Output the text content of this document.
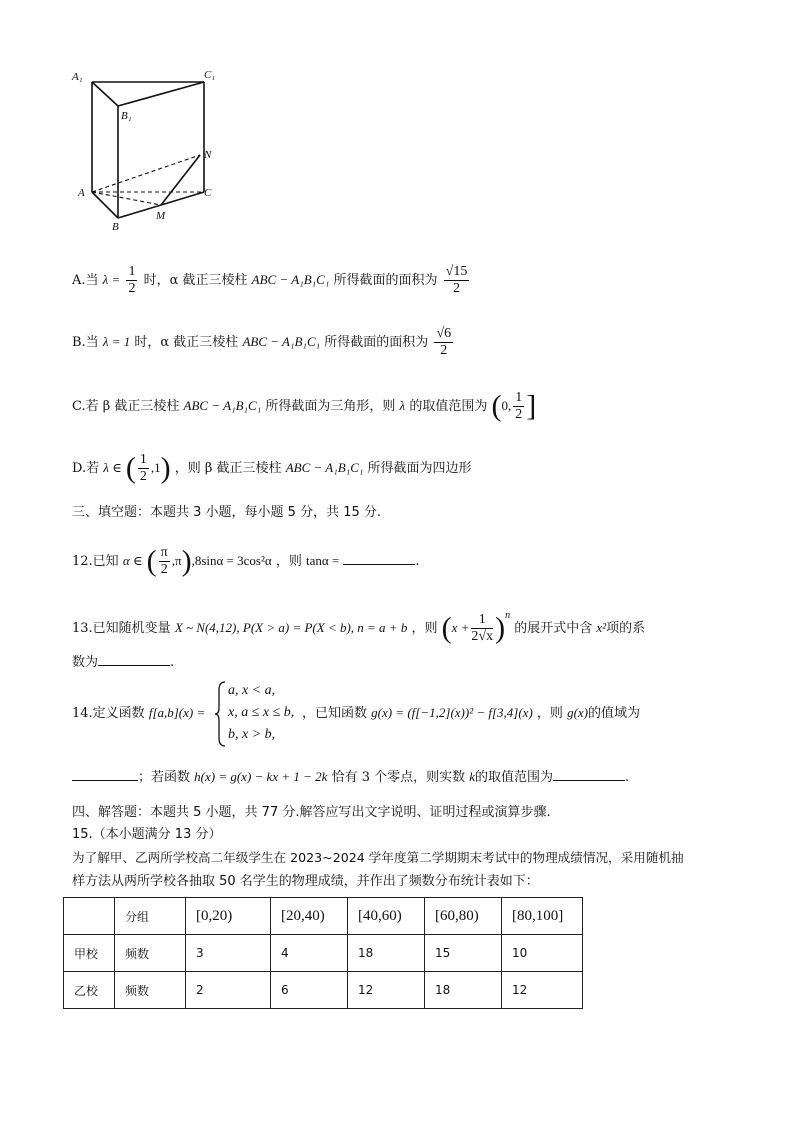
A₁	C₁
B₁
N
A	C
M
B
A.当 $\lambda = \frac{1}{2}$ 时，α 截正三棱柱 ABC − A₁B₁C₁ 所得截面的面积为 $\frac{√15}{2}$
B.当 λ = 1 时，α 截正三棱柱 ABC − A₁B₁C₁ 所得截面的面积为 $\frac{√6}{2}$
C.若 β 截正三棱柱 ABC − A₁B₁C₁ 所得截面为三角形，则 λ 的取值范围为 (0, $\frac{1}{2}$ ]
D.若 λ ∈ ( $\frac{1}{2} ,1$) ，则 β 截正三棱柱 ABC − A₁B₁C₁ 所得截面为四边形
三、填空题：本题共 3 小题，每小题 5 分，共 15 分.
12.已知 α ∈ ( $\frac{\pi}{2} ,\pi),8\sin\alpha = 3\cos^2\alpha$ ，则 tanα =	.
13.已知随机变量 X ~ N(4,12), P(X > a) = P(X < b), n = a + b ，则 $(x + \frac{1}{2√x} )^n$ 的展开式中含 x²项的系
数为	.
14.定义函数 f[a,b](x) =
a, x < a,
x, a ≤ x ≤ b,
b, x > b,
，已知函数 g(x) = (f[−1,2](x))² − f[3,4](x) ，则 g(x)的值域为
；若函数 h(x) = g(x) − kx + 1 − 2k 恰有 3 个零点，则实数 k的取值范围为	.
四、解答题：本题共 5 小题，共 77 分.解答应写出文字说明、证明过程或演算步骤.
15.（本小题满分 13 分）
为了解甲、乙两所学校高二年级学生在 2023~2024 学年度第二学期期末考试中的物理成绩情况，采用随机抽
样方法从两所学校各抽取 50 名学生的物理成绩，并作出了频数分布统计表如下：
	分组	[0,20)	[20,40)	[40,60)	[60,80)	[80,100]
甲校	频数	3	4	18	15	10
乙校	频数	2	6	12	18	12
